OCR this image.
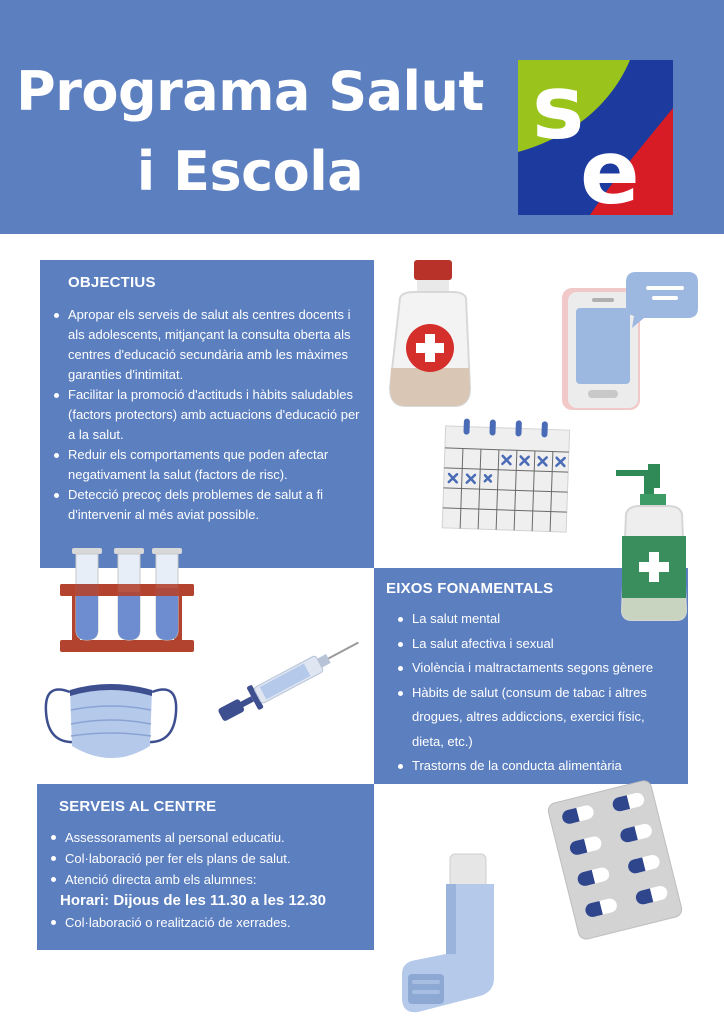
Programa Salut
i Escola
s
e
OBJECTIUS
Apropar els serveis de salut als centres docents i als adolescents, mitjançant la consulta oberta als centres d'educació secundària amb les màximes garanties d'intimitat.
Facilitar la promoció d'actituds i hàbits saludables (factors protectors) amb actuacions d'educació per a la salut.
Reduir els comportaments que poden afectar negativament la salut (factors de risc).
Detecció precoç dels problemes de salut a fi d'intervenir al més aviat possible.
EIXOS FONAMENTALS
La salut mental
La salut afectiva i sexual
Violència i maltractaments segons gènere
Hàbits de salut (consum de tabac i altres drogues, altres addiccions, exercici físic, dieta, etc.)
Trastorns de la conducta alimentària
SERVEIS AL CENTRE
Assessoraments al personal educatiu.
Col·laboració per fer els plans de salut.
Atenció directa amb els alumnes:
Horari: Dijous de les 11.30 a les 12.30
Col·laboració o realització de xerrades.
